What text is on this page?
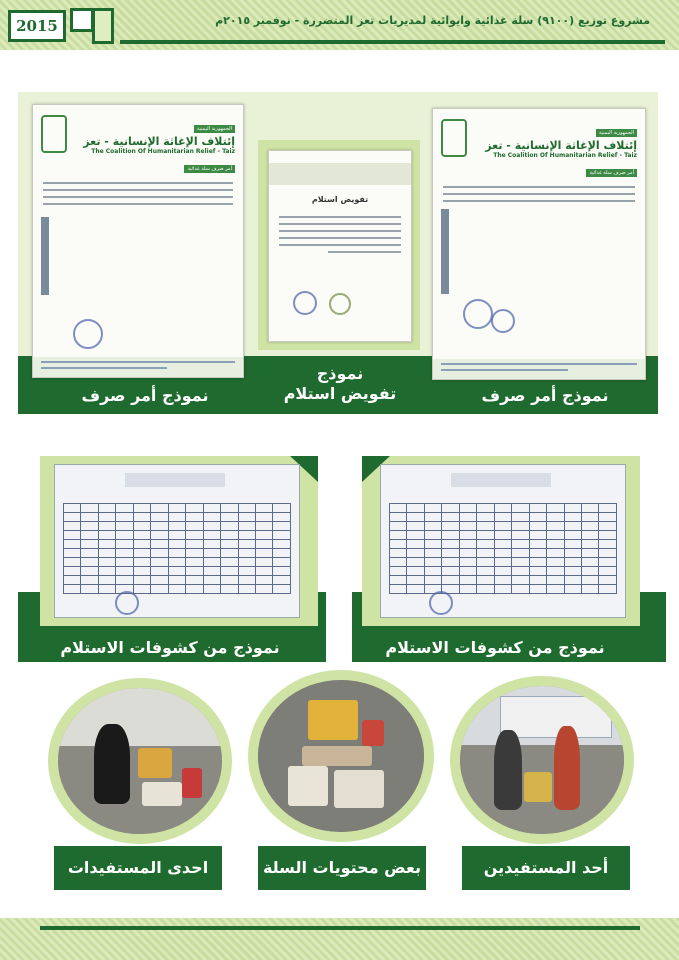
2015	مشروع توزيع (٩١٠٠) سلة غذائية وايوائية لمديريات تعز المتضررة - نوفمبر ٢٠١٥م
الجمهورية اليمنية
إئتلاف الإغاثة الإنسانية - تعز
The Coalition Of Humanitarian Relief - Taiz
أمر صرف سلة غذائية

تفويض استلام
الجمهورية اليمنية
إئتلاف الإغاثة الإنسانية - تعز
The Coalition Of Humanitarian Relief - Taiz
أمر صرف سلة غذائية

نموذج أمر صرف
نموذج
تفويض استلام	نموذج أمر صرف

نموذج من كشوفات الاستلام	نموذج من كشوفات الاستلام
احدى المستفيدات	بعض محتويات السلة	أحد المستفيدين
